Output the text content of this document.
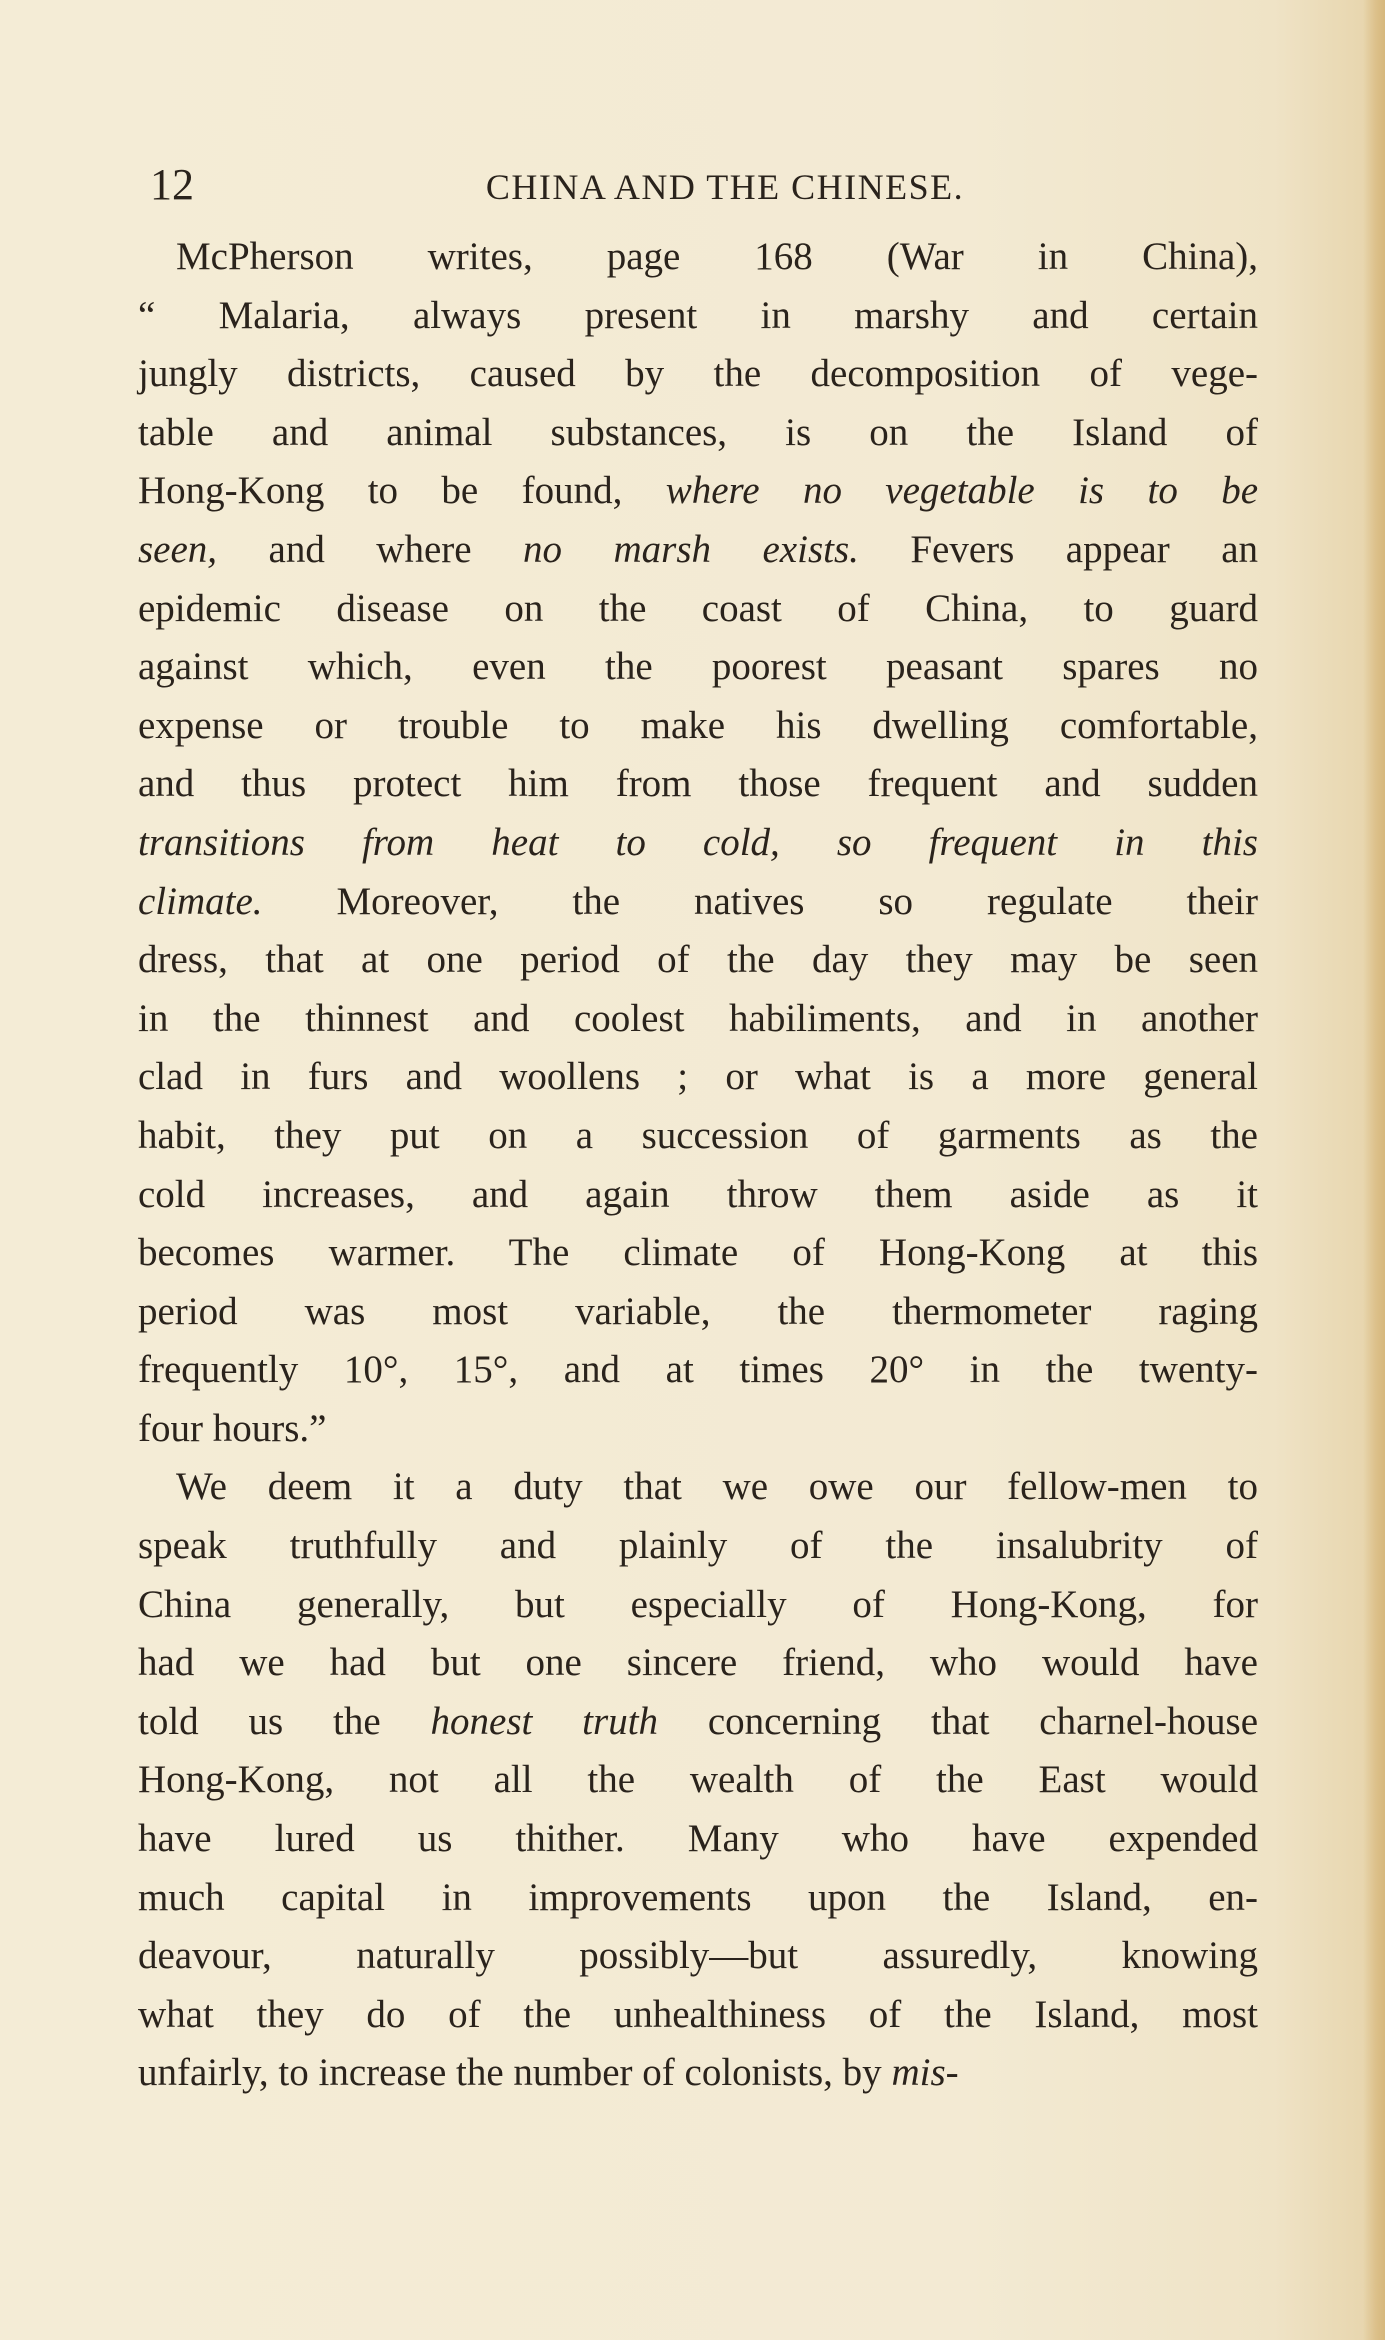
12	CHINA AND THE CHINESE.
McPherson writes, page 168 (War in China),
“ Malaria, always present in marshy and certain
jungly districts, caused by the decomposition of vege-
table and animal substances, is on the Island of
Hong-Kong to be found, where no vegetable is to be
seen, and where no marsh exists. Fevers appear an
epidemic disease on the coast of China, to guard
against which, even the poorest peasant spares no
expense or trouble to make his dwelling comfortable,
and thus protect him from those frequent and sudden
transitions from heat to cold, so frequent in this
climate. Moreover, the natives so regulate their
dress, that at one period of the day they may be seen
in the thinnest and coolest habiliments, and in another
clad in furs and woollens ; or what is a more general
habit, they put on a succession of garments as the
cold increases, and again throw them aside as it
becomes warmer. The climate of Hong-Kong at this
period was most variable, the thermometer raging
frequently 10°, 15°, and at times 20° in the twenty-
four hours.”
We deem it a duty that we owe our fellow-men to
speak truthfully and plainly of the insalubrity of
China generally, but especially of Hong-Kong, for
had we had but one sincere friend, who would have
told us the honest truth concerning that charnel-house
Hong-Kong, not all the wealth of the East would
have lured us thither. Many who have expended
much capital in improvements upon the Island, en-
deavour, naturally possibly—but assuredly, knowing
what they do of the unhealthiness of the Island, most
unfairly, to increase the number of colonists, by mis-
